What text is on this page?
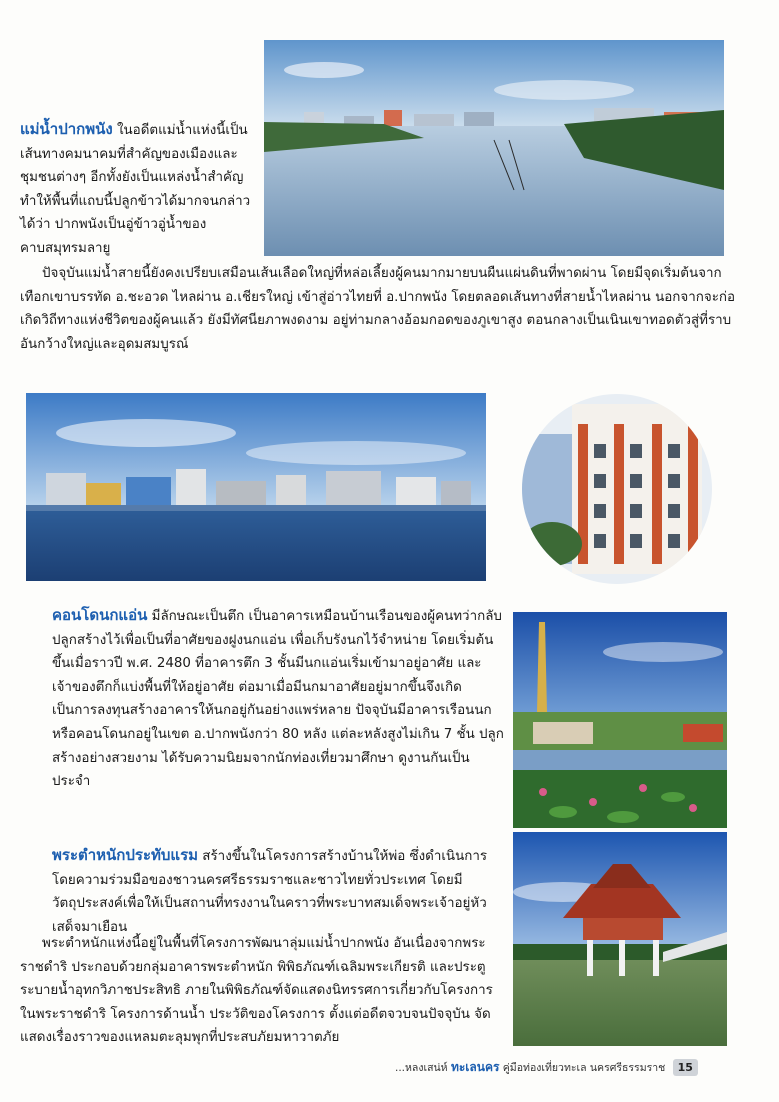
แม่น้ำปากพนัง ในอดีตแม่น้ำแห่งนี้เป็นเส้นทางคมนาคมที่สำคัญของเมืองและชุมชนต่างๆ อีกทั้งยังเป็นแหล่งน้ำสำคัญทำให้พื้นที่แถบนี้ปลูกข้าวได้มากจนกล่าวได้ว่า ปากพนังเป็นอู่ข้าวอู่น้ำของคาบสมุทรมลายู

ปัจจุบันแม่น้ำสายนี้ยังคงเปรียบเสมือนเส้นเลือดใหญ่ที่หล่อเลี้ยงผู้คนมากมายบนผืนแผ่นดินที่พาดผ่าน โดยมีจุดเริ่มต้นจากเทือกเขาบรรทัด อ.ชะอวด ไหลผ่าน อ.เชียรใหญ่ เข้าสู่อ่าวไทยที่ อ.ปากพนัง โดยตลอดเส้นทางที่สายน้ำไหลผ่าน นอกจากจะก่อเกิดวิถีทางแห่งชีวิตของผู้คนแล้ว ยังมีทัศนียภาพงดงาม อยู่ท่ามกลางอ้อมกอดของภูเขาสูง ตอนกลางเป็นเนินเขาทอดตัวสู่ที่ราบอันกว้างใหญ่และอุดมสมบูรณ์

คอนโดนกแอ่น มีลักษณะเป็นตึก เป็นอาคารเหมือนบ้านเรือนของผู้คนทว่ากลับปลูกสร้างไว้เพื่อเป็นที่อาศัยของฝูงนกแอ่น เพื่อเก็บรังนกไว้จำหน่าย โดยเริ่มต้นขึ้นเมื่อราวปี พ.ศ. 2480 ที่อาคารตึก 3 ชั้นมีนกแอ่นเริ่มเข้ามาอยู่อาศัย และเจ้าของตึกก็แบ่งพื้นที่ให้อยู่อาศัย ต่อมาเมื่อมีนกมาอาศัยอยู่มากขึ้นจึงเกิดเป็นการลงทุนสร้างอาคารให้นกอยู่กันอย่างแพร่หลาย ปัจจุบันมีอาคารเรือนนก หรือคอนโดนกอยู่ในเขต อ.ปากพนังกว่า 80 หลัง แต่ละหลังสูงไม่เกิน 7 ชั้น ปลูกสร้างอย่างสวยงาม ได้รับความนิยมจากนักท่องเที่ยวมาศึกษา ดูงานกันเป็นประจำ

พระตำหนักประทับแรม สร้างขึ้นในโครงการสร้างบ้านให้พ่อ ซึ่งดำเนินการโดยความร่วมมือของชาวนครศรีธรรมราชและชาวไทยทั่วประเทศ โดยมีวัตถุประสงค์เพื่อให้เป็นสถานที่ทรงงานในคราวที่พระบาทสมเด็จพระเจ้าอยู่หัวเสด็จมาเยือน

พระตำหนักแห่งนี้อยู่ในพื้นที่โครงการพัฒนาลุ่มแม่น้ำปากพนัง อันเนื่องจากพระราชดำริ ประกอบด้วยกลุ่มอาคารพระตำหนัก พิพิธภัณฑ์เฉลิมพระเกียรติ และประตูระบายน้ำอุทกวิภาชประสิทธิ ภายในพิพิธภัณฑ์จัดแสดงนิทรรศการเกี่ยวกับโครงการในพระราชดำริ โครงการด้านน้ำ ประวัติของโครงการ ตั้งแต่อดีตจวบจนปัจจุบัน จัดแสดงเรื่องราวของแหลมตะลุมพุกที่ประสบภัยมหาวาตภัย

...หลงเสน่ห์ ทะเลนคร คู่มือท่องเที่ยวทะเล นครศรีธรรมราช 15
